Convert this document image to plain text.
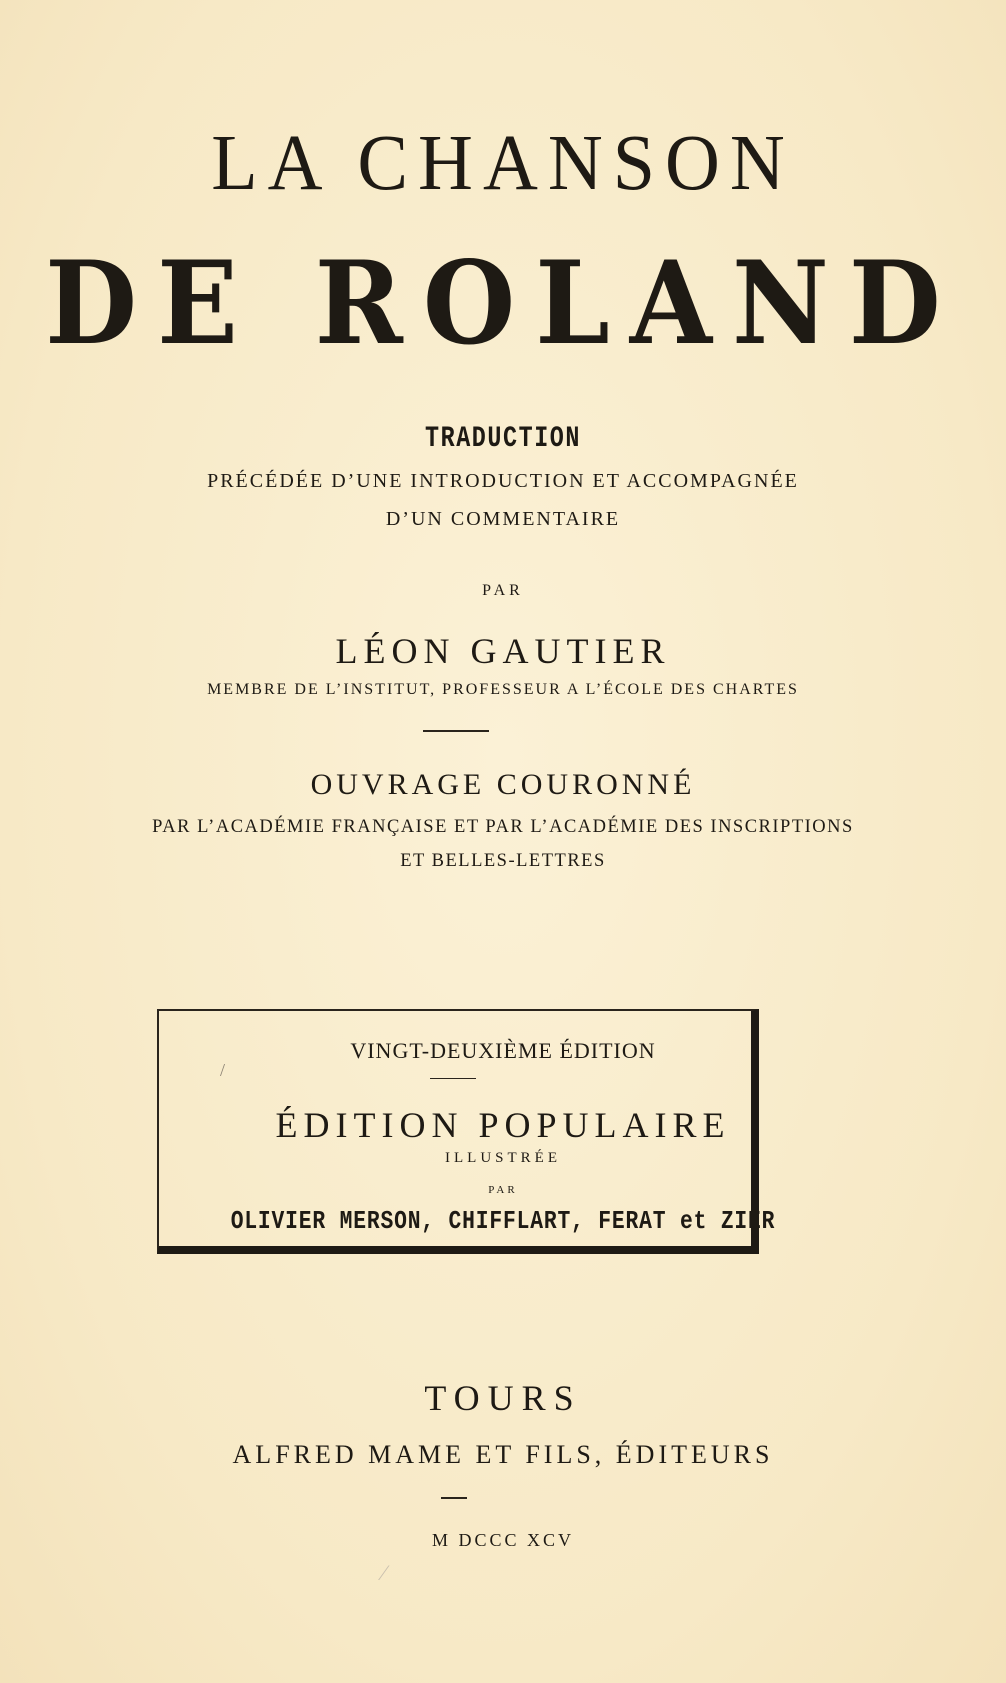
LA CHANSON
DE ROLAND
TRADUCTION
PRÉCÉDÉE D’UNE INTRODUCTION ET ACCOMPAGNÉE
D’UN COMMENTAIRE
PAR
LÉON GAUTIER
MEMBRE DE L’INSTITUT, PROFESSEUR A L’ÉCOLE DES CHARTES
OUVRAGE COURONNÉ
PAR L’ACADÉMIE FRANÇAISE ET PAR L’ACADÉMIE DES INSCRIPTIONS
ET BELLES-LETTRES
VINGT-DEUXIÈME ÉDITION
ÉDITION POPULAIRE
ILLUSTRÉE
PAR
OLIVIER MERSON, CHIFFLART, FERAT et ZIER
TOURS
ALFRED MAME ET FILS, ÉDITEURS
M DCCC XCV
⁄
/
